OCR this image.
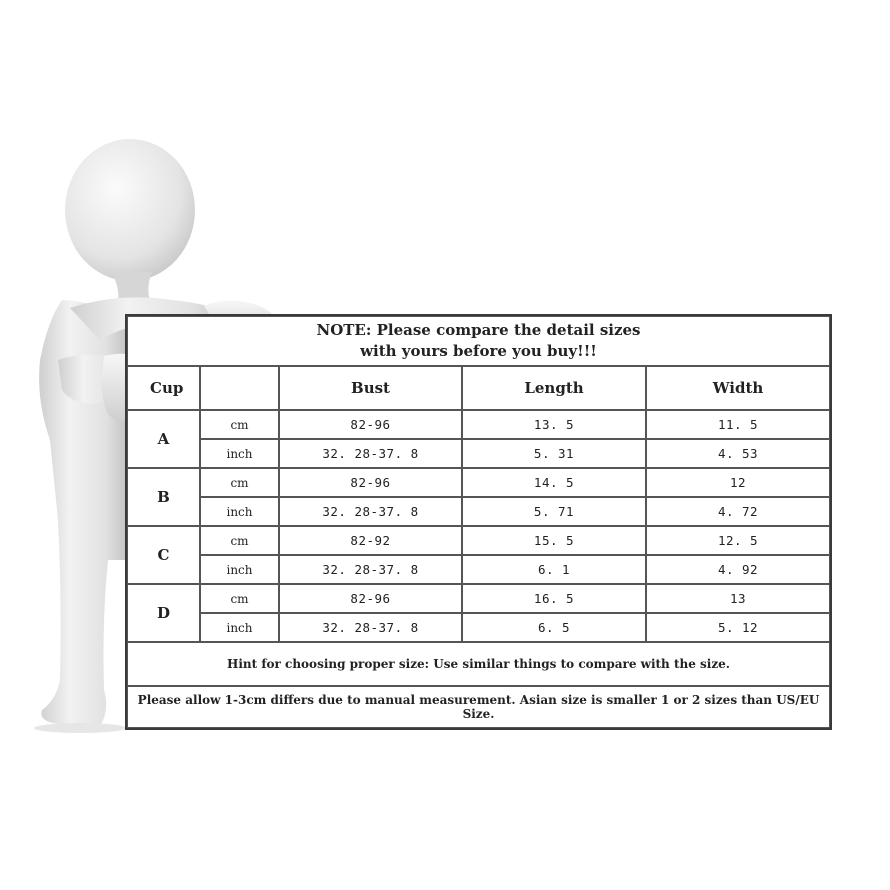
NOTE: Please compare the detail sizes
with yours before you buy!!!				

Cup		Bust	Length	Width
A	cm	82-96	13. 5	11. 5
	inch	32. 28-37. 8	5. 31	4. 53
B	cm	82-96	14. 5	12
	inch	32. 28-37. 8	5. 71	4. 72
C	cm	82-92	15. 5	12. 5
	inch	32. 28-37. 8	6. 1	4. 92
D	cm	82-96	16. 5	13
	inch	32. 28-37. 8	6. 5	5. 12
Hint for choosing proper size: Use similar things to compare with the size.				
Please allow 1-3cm differs due to manual measurement. Asian size is smaller 1 or 2 sizes than US/EU Size.				
